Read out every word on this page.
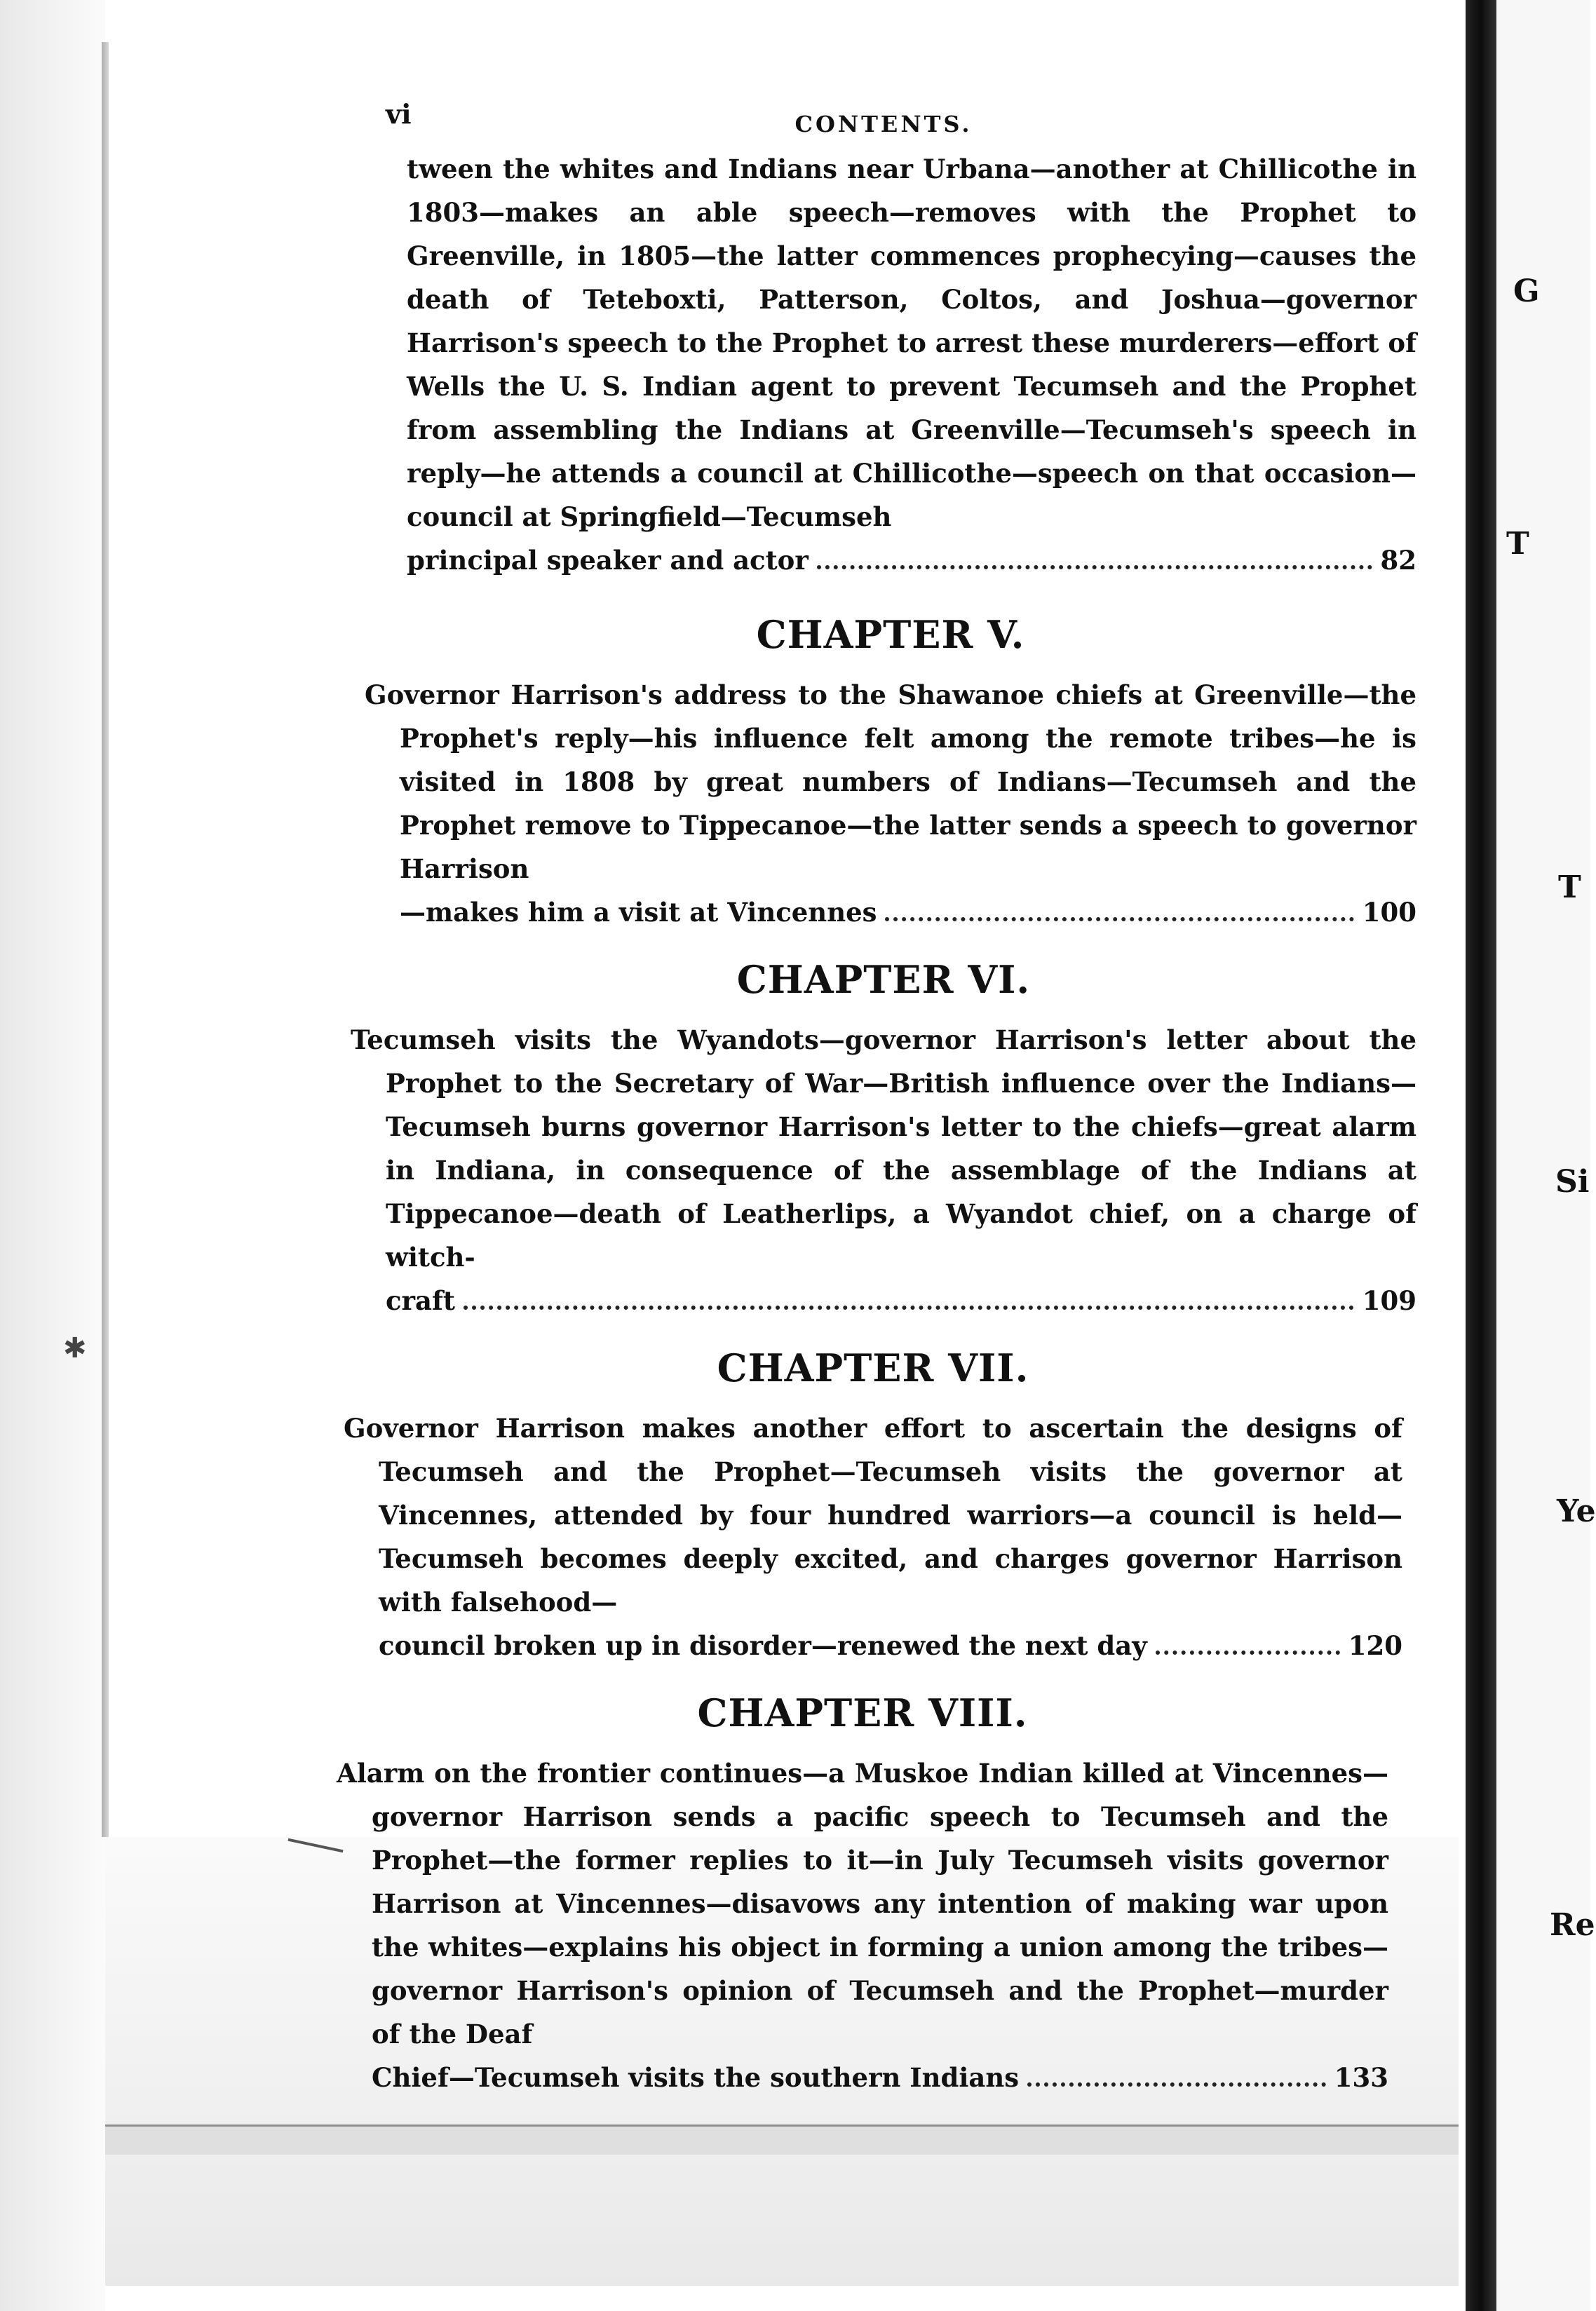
G
T
T
Si
Ye
Re
✱
vi	CONTENTS.

tween the whites and Indians near Urbana—another at Chillicothe in 1803—makes an able speech—removes with the Prophet to Greenville, in 1805—the latter commences prophecying—causes the death of Teteboxti, Patterson, Coltos, and Joshua—governor Harrison's speech to the Prophet to arrest these murderers—effort of Wells the U. S. Indian agent to prevent Tecumseh and the Prophet from assembling the Indians at Greenville—Tecumseh's speech in reply—he attends a council at Chillicothe—speech on that occasion—council at Springfield—Tecumseh

principal speaker and actor	82
CHAPTER V.

Governor Harrison's address to the Shawanoe chiefs at Greenville—the Prophet's reply—his influence felt among the remote tribes—he is visited in 1808 by great numbers of Indians—Tecumseh and the Prophet remove to Tippecanoe—the latter sends a speech to governor Harrison

—makes him a visit at Vincennes	100
CHAPTER VI.

Tecumseh visits the Wyandots—governor Harrison's letter about the Prophet to the Secretary of War—British influence over the Indians—Tecumseh burns governor Harrison's letter to the chiefs—great alarm in Indiana, in consequence of the assemblage of the Indians at Tippecanoe—death of Leatherlips, a Wyandot chief, on a charge of witch-

craft	109
CHAPTER VII.

Governor Harrison makes another effort to ascertain the designs of Tecumseh and the Prophet—Tecumseh visits the governor at Vincennes, attended by four hundred warriors—a council is held—Tecumseh becomes deeply excited, and charges governor Harrison with falsehood—

council broken up in disorder—renewed the next day	120
CHAPTER VIII.

Alarm on the frontier continues—a Muskoe Indian killed at Vincennes—governor Harrison sends a pacific speech to Tecumseh and the Prophet—the former replies to it—in July Tecumseh visits governor Harrison at Vincennes—disavows any intention of making war upon the whites—explains his object in forming a union among the tribes—governor Harrison's opinion of Tecumseh and the Prophet—murder of the Deaf

Chief—Tecumseh visits the southern Indians	133
